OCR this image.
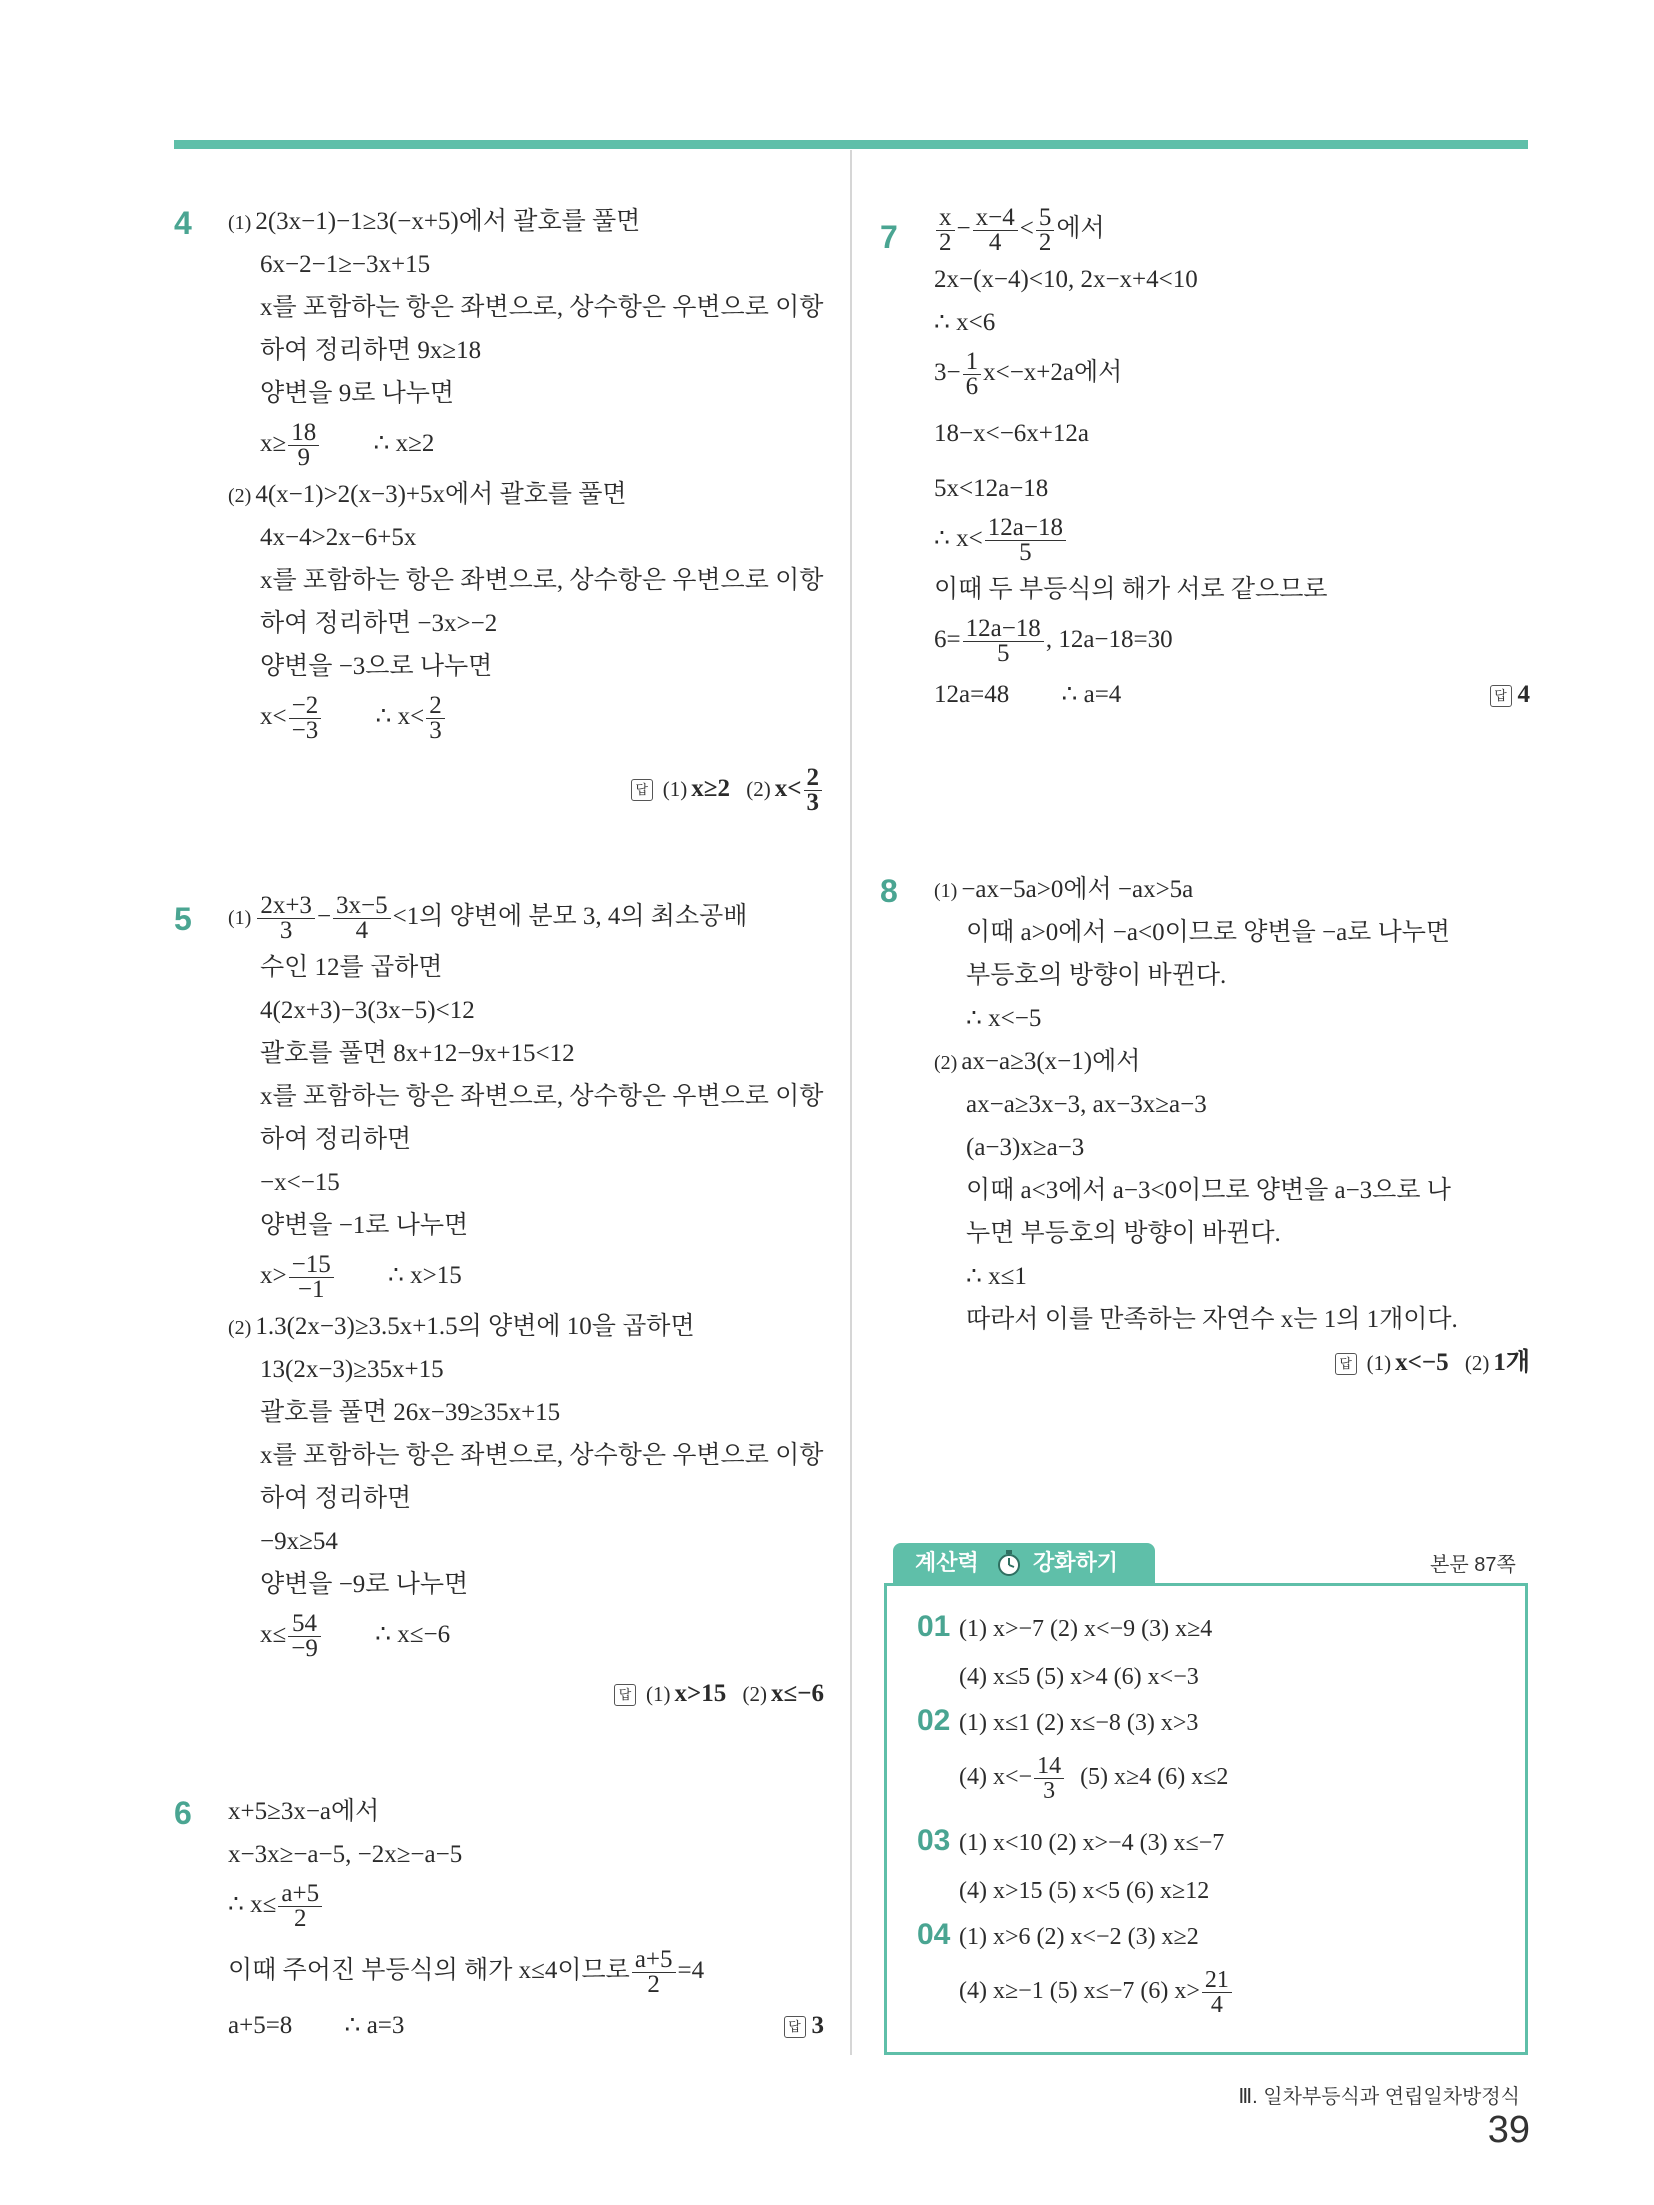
4 (1) 2(3x−1)−1≥3(−x+5)에서 괄호를 풀면
6x−2−1≥−3x+15
x를 포함하는 항은 좌변으로, 상수항은 우변으로 이항
하여 정리하면 9x≥18
양변을 9로 나누면
$x\ge \frac{18}{9}$ ∴ x≥2
(2) 4(x−1)>2(x−3)+5x에서 괄호를 풀면
4x−4>2x−6+5x
x를 포함하는 항은 좌변으로, 상수항은 우변으로 이항
하여 정리하면 −3x>−2
양변을 −3으로 나누면
$x< \frac{-2}{-3}$ ∴ $x< \frac{2}{3}$
답 (1) x≥2 (2) $x< \frac{2}{3}$
5 $(1) \frac{2x+3}{3} - \frac{3x-5}{4} <1$의 양변에 분모 3, 4의 최소공배
수인 12를 곱하면
4(2x+3)−3(3x−5)<12
괄호를 풀면 8x+12−9x+15<12
x를 포함하는 항은 좌변으로, 상수항은 우변으로 이항
하여 정리하면
−x<−15
양변을 −1로 나누면
$x> \frac{-15}{-1}$ ∴ x>15
(2) 1.3(2x−3)≥3.5x+1.5의 양변에 10을 곱하면
13(2x−3)≥35x+15
괄호를 풀면 26x−39≥35x+15
x를 포함하는 항은 좌변으로, 상수항은 우변으로 이항
하여 정리하면
−9x≥54
양변을 −9로 나누면
$x\le \frac{54}{-9}$ ∴ x≤−6
답 (1) x>15 (2) x≤−6
6 x+5≥3x−a에서
x−3x≥−a−5, −2x≥−a−5
∴ $x\le \frac{a+5}{2}$
이때 주어진 부등식의 해가 x≤4이므로 $\frac{a+5}{2} =4$
a+5=8 ∴ a=3	답 3
$7 \frac{x}{2} - \frac{x-4}{4} < \frac{5}{2}$ 에서
2x−(x−4)<10, 2x−x+4<10
∴ x<6
$3- \frac{1}{6} x<-x+2a$에서
18−x<−6x+12a
5x<12a−18
∴ $x< \frac{12a-18}{5}$
이때 두 부등식의 해가 서로 같으므로
$6= \frac{12a-18}{5}$ , 12a−18=30
12a=48 ∴ a=4	답 4
8 (1) −ax−5a>0에서 −ax>5a
이때 a>0에서 −a<0이므로 양변을 −a로 나누면
부등호의 방향이 바뀐다.
∴ x<−5
(2) ax−a≥3(x−1)에서
ax−a≥3x−3, ax−3x≥a−3
(a−3)x≥a−3
이때 a<3에서 a−3<0이므로 양변을 a−3으로 나
누면 부등호의 방향이 바뀐다.
∴ x≤1
따라서 이를 만족하는 자연수 x는 1의 1개이다.
답 (1) x<−5 (2) 1개
계산력 강화하기	본문 87쪽
01 (1) x>−7 (2) x<−9 (3) x≥4
(4) x≤5 (5) x>4 (6) x<−3
02 (1) x≤1 (2) x≤−8 (3) x>3
(4) $x<- \frac{14}{3} (5)$ x≥4 (6) x≤2
03 (1) x<10 (2) x>−4 (3) x≤−7
(4) x>15 (5) x<5 (6) x≥12
04 (1) x>6 (2) x<−2 (3) x≥2
(4) x≥−1 (5) x≤−7 (6) $x> \frac{21}{4}$
Ⅲ. 일차부등식과 연립일차방정식39
